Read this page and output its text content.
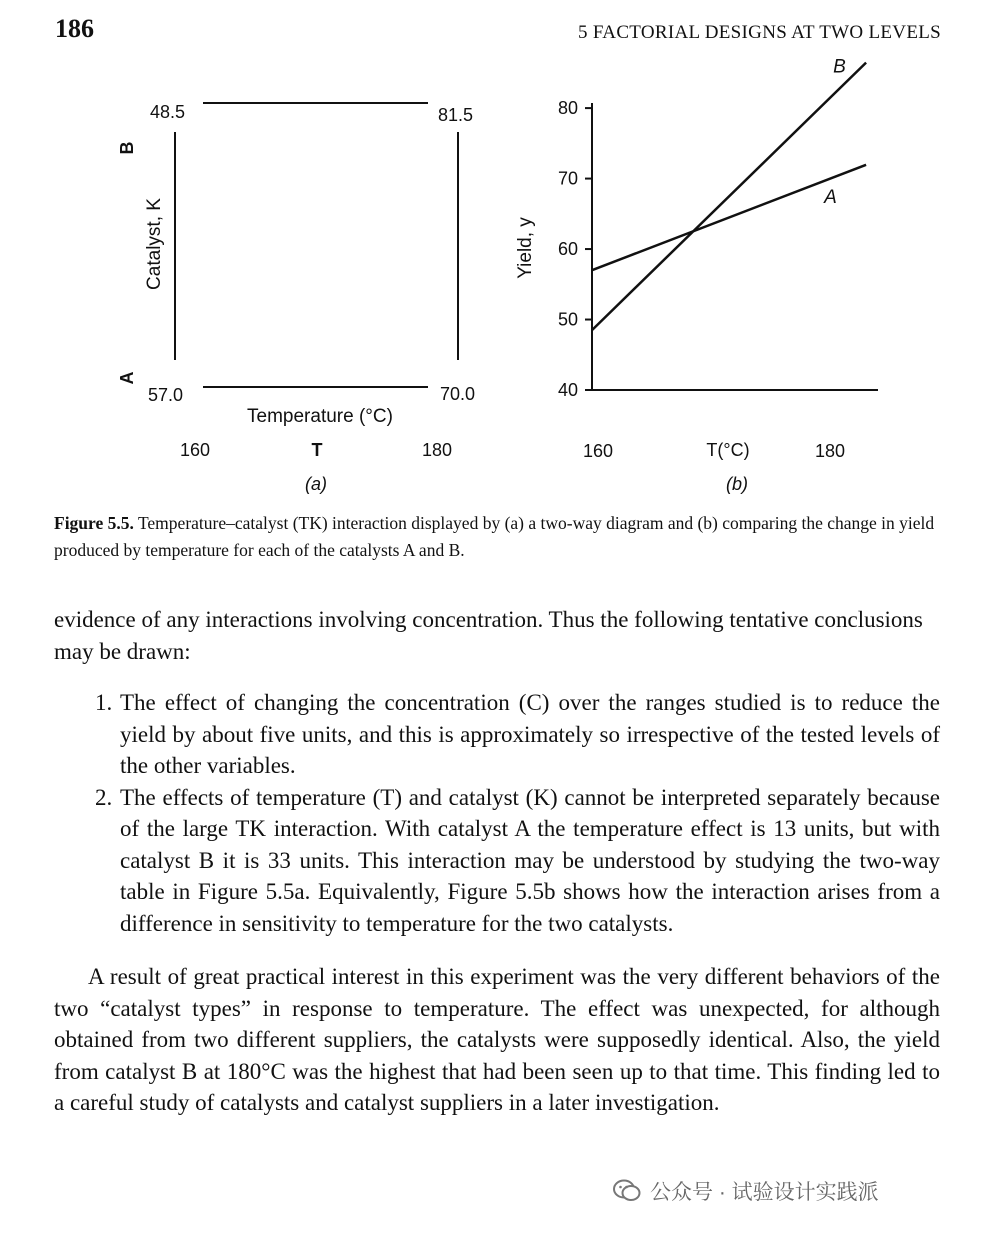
186	5 FACTORIAL DESIGNS AT TWO LEVELS
48.5	81.5
57.0	70.0
B
Catalyst, K
A
Temperature (°C)
160	T	180
(a)
40
50
60
70
80
A
B
Yield, y
160	T(°C)	180
(b)
Figure 5.5. Temperature–catalyst (TK) interaction displayed by (a) a two-way diagram and (b) comparing the change in yield produced by temperature for each of the catalysts A and B.

evidence of any interactions involving concentration. Thus the following tentative conclusions may be drawn:

1. The effect of changing the concentration (C) over the ranges studied is to reduce the yield by about five units, and this is approximately so irrespective of the tested levels of the other variables.
2. The effects of temperature (T) and catalyst (K) cannot be interpreted separately because of the large TK interaction. With catalyst A the temperature effect is 13 units, but with catalyst B it is 33 units. This interaction may be understood by studying the two-way table in Figure 5.5a. Equivalently, Figure 5.5b shows how the interaction arises from a difference in sensitivity to temperature for the two catalysts.

A result of great practical interest in this experiment was the very different behaviors of the two “catalyst types” in response to temperature. The effect was unexpected, for although obtained from two different suppliers, the catalysts were supposedly identical. Also, the yield from catalyst B at 180°C was the highest that had been seen up to that time. This finding led to a careful study of catalysts and catalyst suppliers in a later investigation.

公众号 · 试验设计实践派
